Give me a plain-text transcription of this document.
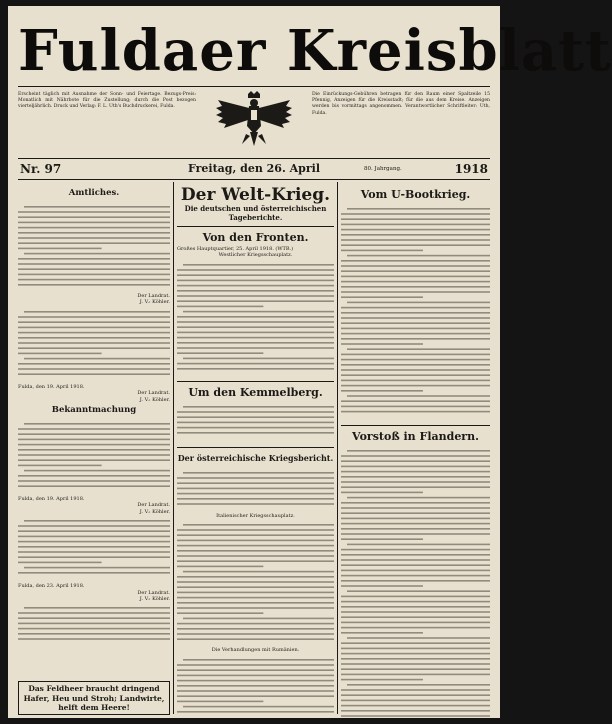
Fuldaer Kreisblatt
Erscheint täglich mit Ausnahme der Sonn- und Feiertage. Bezugs-Preis: Monatlich mit Nährbote für die Zustellung; durch die Post bezogen vierteljährlich. Druck und Verlag: F. L. Uth's Buchdruckerei, Fulda.
Die Einrückungs-Gebühren betragen für den Raum einer Spaltzeile 15 Pfennig, Anzeigen für die Kreisstadt; für die aus dem Kreise. Anzeigen werden bis vormittags angenommen. Verantwortlicher Schriftleiter: Uth, Fulda.
Nr. 97	Freitag, den 26. April	80. Jahrgang.	1918
Amtliches.
Der Landrat.
J. V.: Köhler.
Fulda, den 19. April 1918.
Der Landrat.
J. V.: Köhler.
Bekanntmachung
Fulda, den 19. April 1918.
Der Landrat.
J. V.: Köhler.
Fulda, den 23. April 1918.
Der Landrat.
J. V.: Köhler.
Das Feldheer braucht dringend Hafer, Heu und Stroh; Landwirte, helft dem Heere!
Der Welt-Krieg.
Die deutschen und österreichischen Tageberichte.
Von den Fronten.
Großes Hauptquartier, 25. April 1918. (WTB.)
Westlicher Kriegsschauplatz.
Um den Kemmelberg.
Der österreichische Kriegsbericht.
Italienischer Kriegsschauplatz.
Die Verhandlungen mit Rumänien.
Vom U-Bootkrieg.
Vorstoß in Flandern.
